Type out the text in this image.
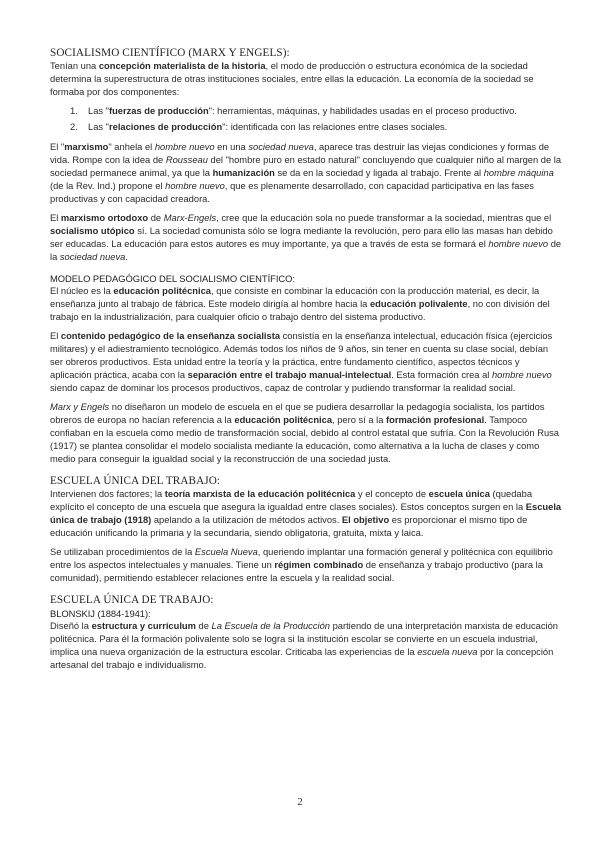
SOCIALISMO CIENTÍFICO (MARX Y ENGELS):

Tenían una concepción materialista de la historia, el modo de producción o estructura económica de la sociedad determina la superestructura de otras instituciones sociales, entre ellas la educación. La economía de la sociedad se formaba por dos componentes:

1. Las "fuerzas de producción": herramientas, máquinas, y habilidades usadas en el proceso productivo.
2. Las "relaciones de producción": identificada con las relaciones entre clases sociales.

El "marxismo" anhela el hombre nuevo en una sociedad nueva, aparece tras destruir las viejas condiciones y formas de vida. Rompe con la idea de Rousseau del "hombre puro en estado natural" concluyendo que cualquier niño al margen de la sociedad permanece animal, ya que la humanización se da en la sociedad y ligada al trabajo. Frente al hombre máquina (de la Rev. Ind.) propone el hombre nuevo, que es plenamente desarrollado, con capacidad participativa en las fases productivas y con capacidad creadora.

El marxismo ortodoxo de Marx-Engels, cree que la educación sola no puede transformar a la sociedad, mientras que el socialismo utópico sí. La sociedad comunista sólo se logra mediante la revolución, pero para ello las masas han debido ser educadas. La educación para estos autores es muy importante, ya que a través de esta se formará el hombre nuevo de la sociedad nueva.

MODELO PEDAGÓGICO DEL SOCIALISMO CIENTÍFICO:

El núcleo es la educación politécnica, que consiste en combinar la educación con la producción material, es decir, la enseñanza junto al trabajo de fábrica. Este modelo dirigía al hombre hacia la educación polivalente, no con división del trabajo en la industrialización, para cualquier oficio o trabajo dentro del sistema productivo.

El contenido pedagógico de la enseñanza socialista consistía en la enseñanza intelectual, educación física (ejercicios militares) y el adiestramiento tecnológico. Además todos los niños de 9 años, sin tener en cuenta su clase social, debían ser obreros productivos. Esta unidad entre la teoría y la práctica, entre fundamento científico, aspectos técnicos y aplicación práctica, acaba con la separación entre el trabajo manual-intelectual. Esta formación crea al hombre nuevo siendo capaz de dominar los procesos productivos, capaz de controlar y pudiendo transformar la realidad social.

Marx y Engels no diseñaron un modelo de escuela en el que se pudiera desarrollar la pedagogía socialista, los partidos obreros de europa no hacían referencia a la educación politécnica, pero sí a la formación profesional. Tampoco confiaban en la escuela como medio de transformación social, debido al control estatal que sufría. Con la Revolución Rusa (1917) se plantea consolidar el modelo socialista mediante la educación, como alternativa a la lucha de clases y como medio para conseguir la igualdad social y la reconstrucción de una sociedad justa.

ESCUELA ÚNICA DEL TRABAJO:

Intervienen dos factores; la teoría marxista de la educación politécnica y el concepto de escuela única (quedaba explícito el concepto de una escuela que asegura la igualdad entre clases sociales). Estos conceptos surgen en la Escuela única de trabajo (1918) apelando a la utilización de métodos activos. El objetivo es proporcionar el mismo tipo de educación unificando la primaria y la secundaria, siendo obligatoria, gratuita, mixta y laica.

Se utilizaban procedimientos de la Escuela Nueva, queriendo implantar una formación general y politécnica con equilibrio entre los aspectos intelectuales y manuales. Tiene un régimen combinado de enseñanza y trabajo productivo (para la comunidad), permitiendo establecer relaciones entre la escuela y la realidad social.

ESCUELA ÚNICA DE TRABAJO:
BLONSKIJ (1884-1941):

Diseñó la estructura y currículum de La Escuela de la Producción partiendo de una interpretación marxista de educación politécnica. Para él la formación polivalente solo se logra si la institución escolar se convierte en un escuela industrial, implica una nueva organización de la estructura escolar. Criticaba las experiencias de la escuela nueva por la concepción artesanal del trabajo e individualismo.

2
